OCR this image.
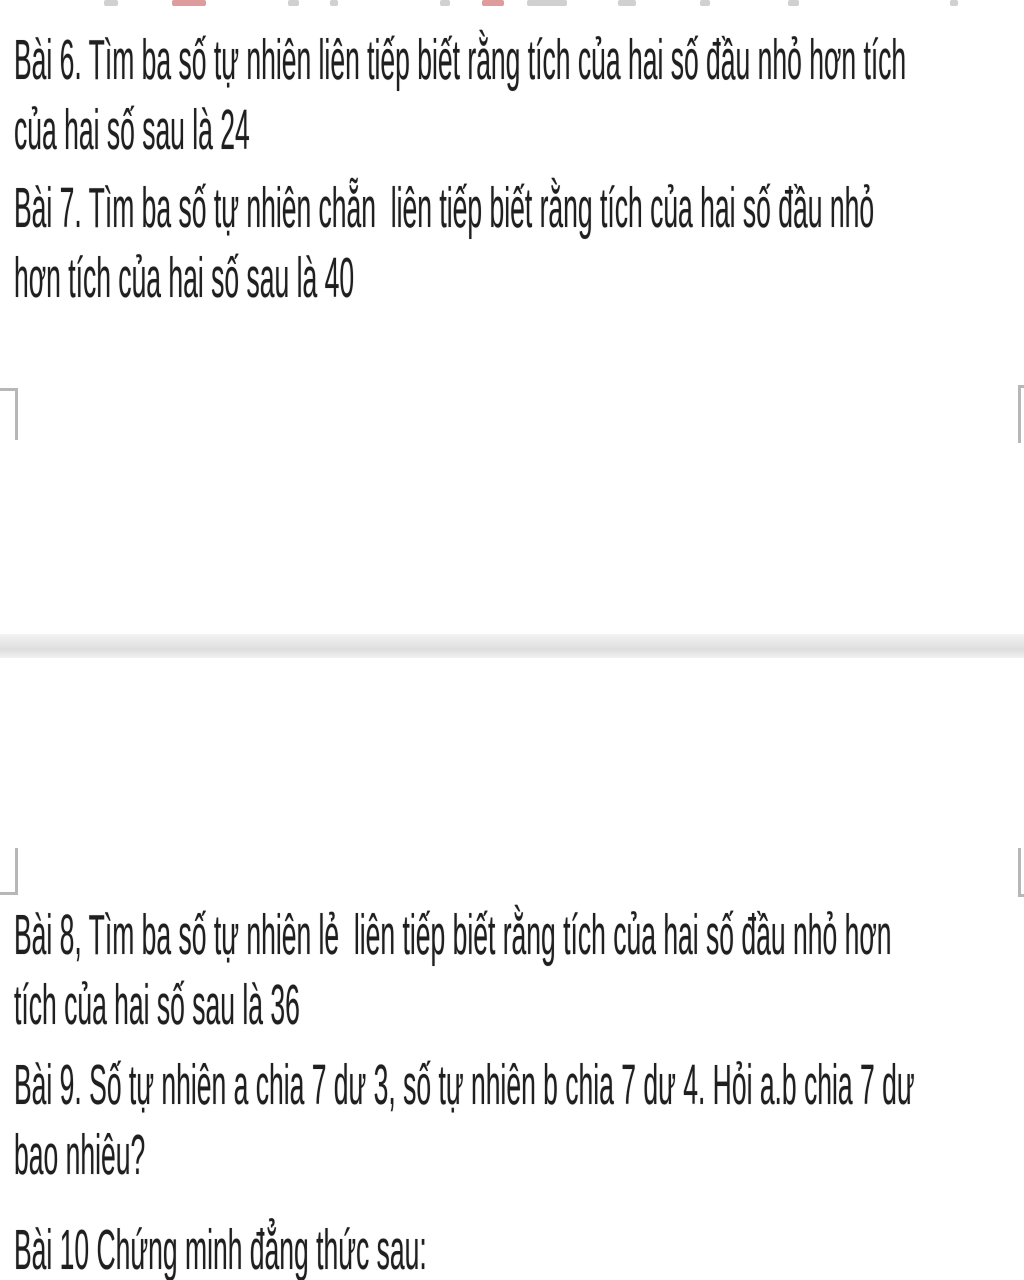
Bài 6. Tìm ba số tự nhiên liên tiếp biết rằng tích của hai số đầu nhỏ hơn tích
của hai số sau là 24
Bài 7. Tìm ba số tự nhiên chẵn  liên tiếp biết rằng tích của hai số đầu nhỏ
hơn tích của hai số sau là 40
Bài 8, Tìm ba số tự nhiên lẻ  liên tiếp biết rằng tích của hai số đầu nhỏ hơn
tích của hai số sau là 36
Bài 9. Số tự nhiên a chia 7 dư 3, số tự nhiên b chia 7 dư 4. Hỏi a.b chia 7 dư
bao nhiêu?
Bài 10 Chứng minh đẳng thức sau:
